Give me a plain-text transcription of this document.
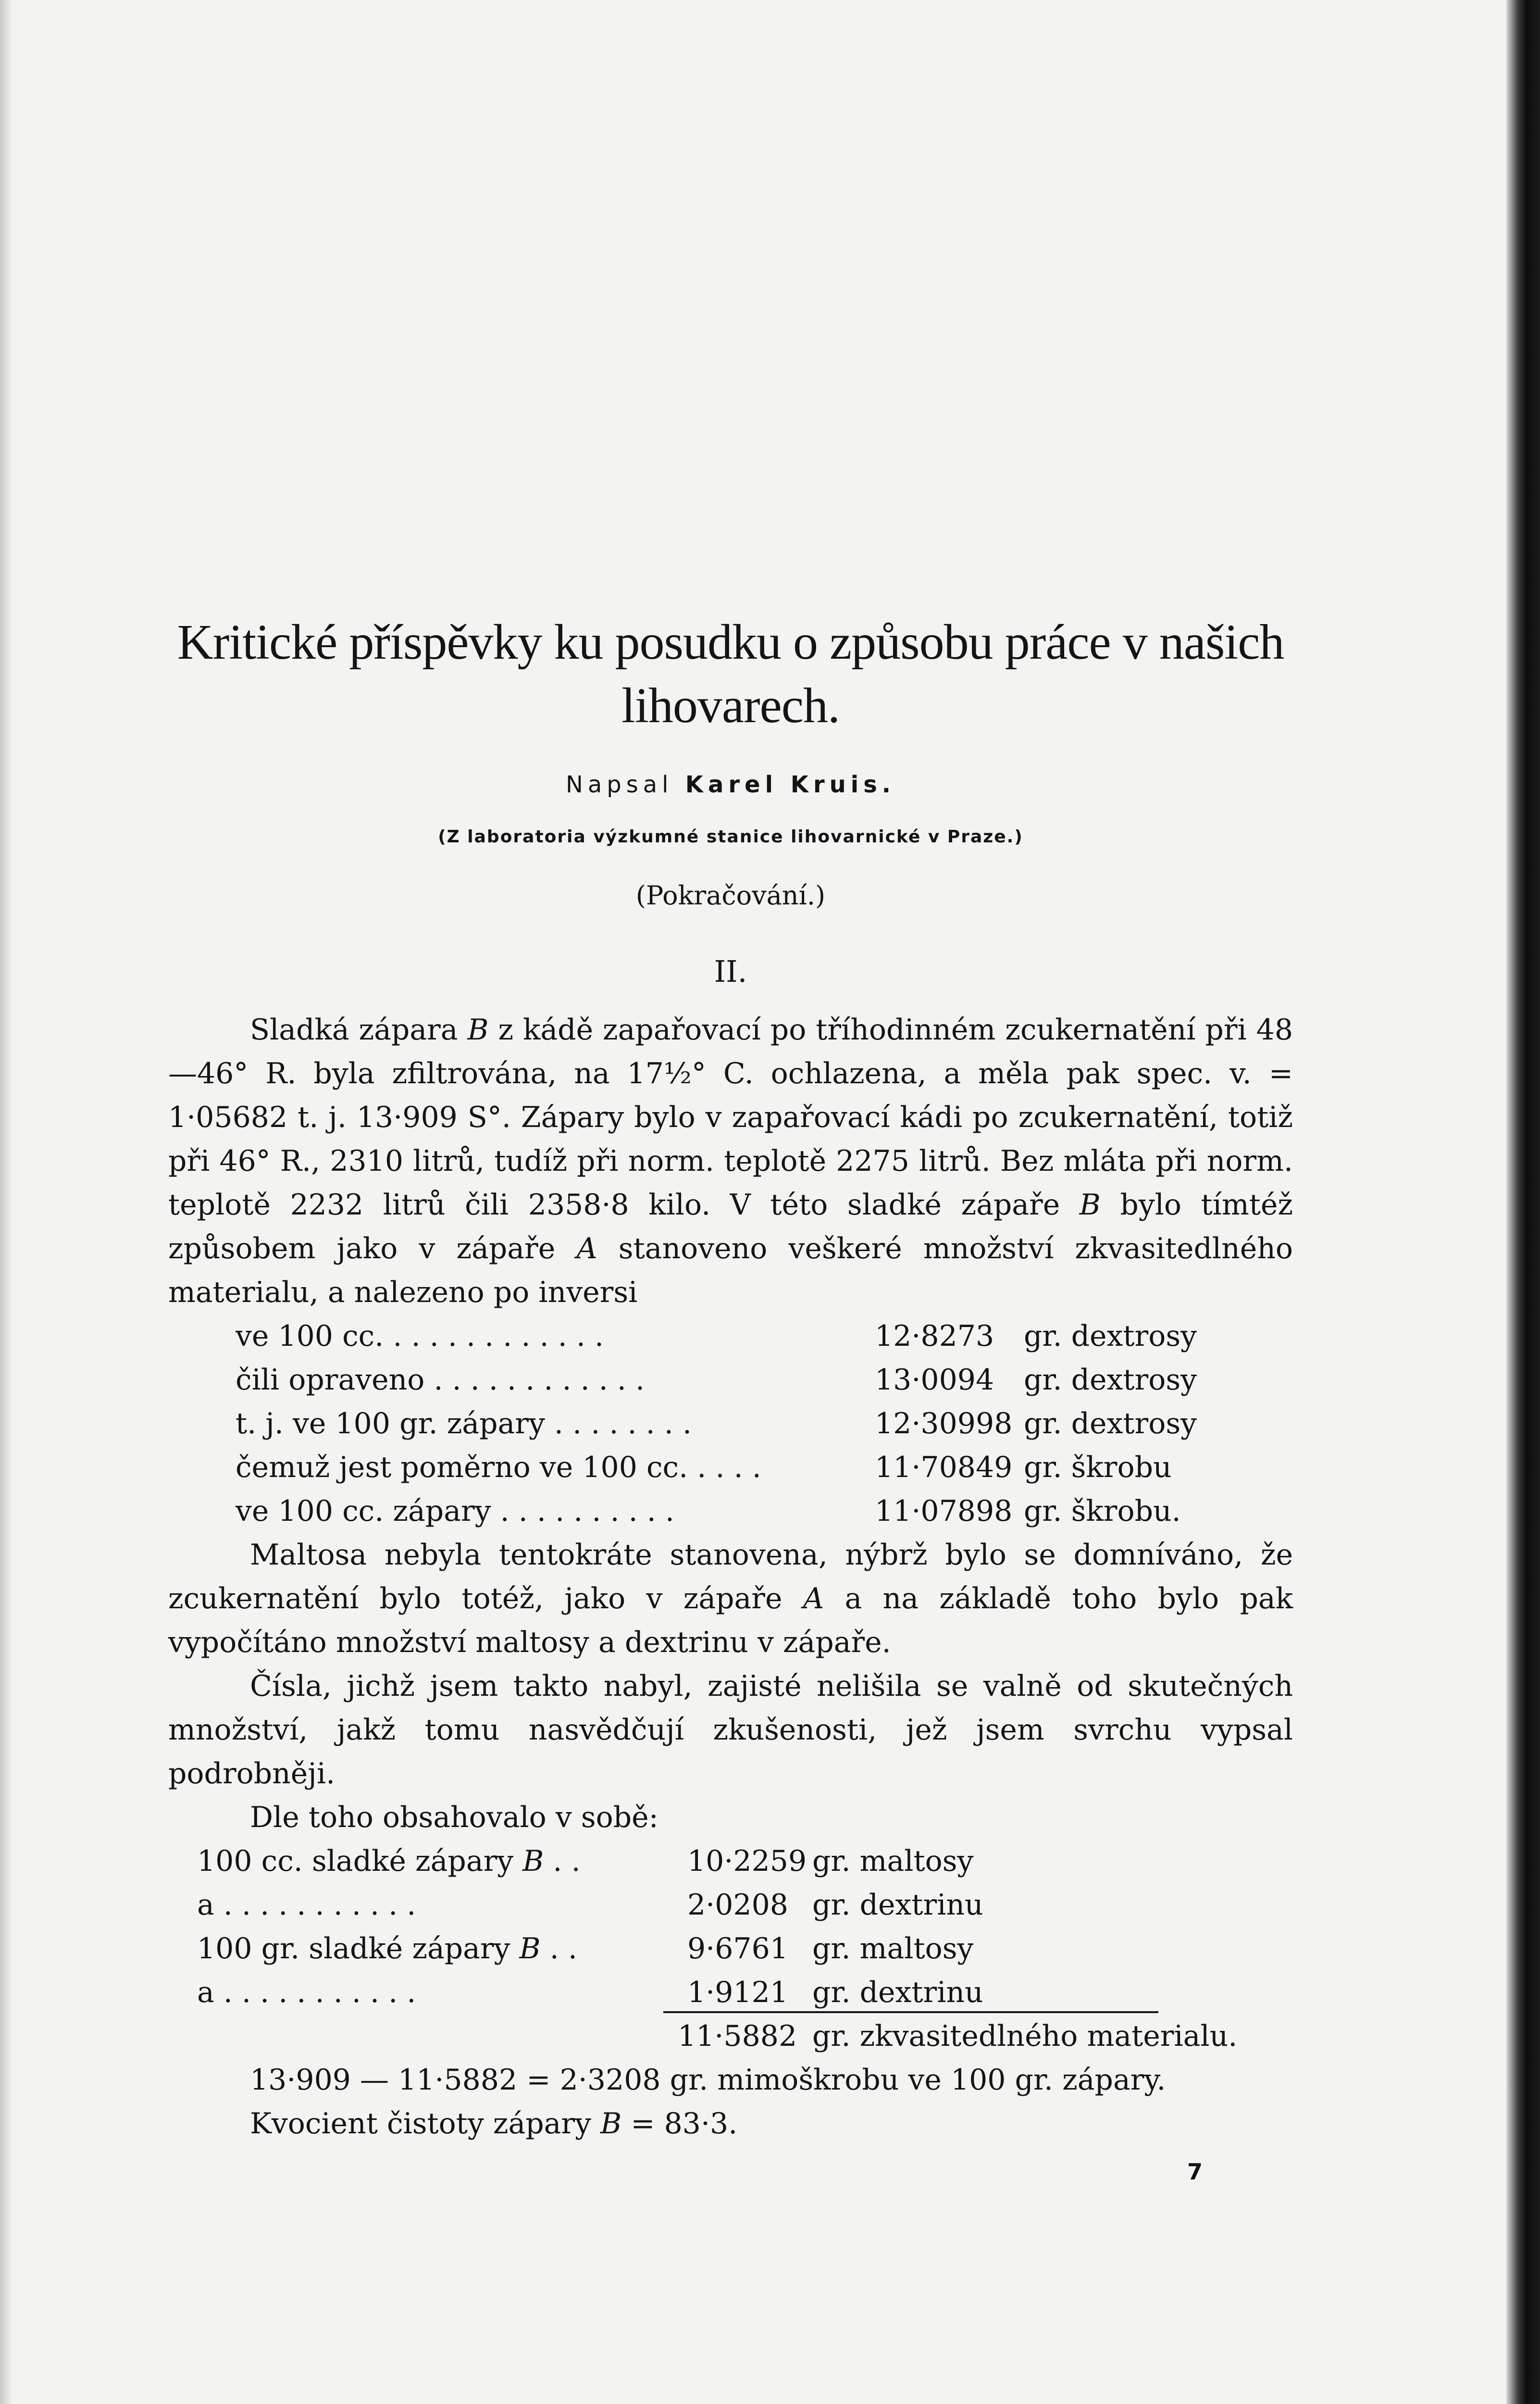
Kritické příspěvky ku posudku o způsobu práce v našich
lihovarech.
Napsal Karel Kruis.
(Z laboratoria výzkumné stanice lihovarnické v Praze.)
(Pokračování.)
II.

Sladká zápara B z kádě zapařovací po tříhodinném zcukernatění při 48—46° R. byla zfiltrována, na 17½° C. ochlazena, a měla pak spec. v. = 1·05682 t. j. 13·909 S°. Zápary bylo v zapařovací kádi po zcukernatění, totiž při 46° R., 2310 litrů, tudíž při norm. teplotě 2275 litrů. Bez mláta při norm. teplotě 2232 litrů čili 2358·8 kilo. V této sladké zápaře B bylo tímtéž způsobem jako v zápaře A stanoveno veškeré množství zkvasitedlného materialu, a nalezeno po inversi

ve 100 cc. . . . . . . . . . . . .	12·8273 gr. dextrosy
čili opraveno . . . . . . . . . . . .	13·0094 gr. dextrosy
t. j. ve 100 gr. zápary . . . . . . . .	12·30998 gr. dextrosy
čemuž jest poměrno ve 100 cc. . . . .	11·70849 gr. škrobu
ve 100 cc. zápary . . . . . . . . . .	11·07898 gr. škrobu.

Maltosa nebyla tentokráte stanovena, nýbrž bylo se domníváno, že zcukernatění bylo totéž, jako v zápaře A a na základě toho bylo pak vypočítáno množství maltosy a dextrinu v zápaře.

Čísla, jichž jsem takto nabyl, zajisté nelišila se valně od skutečných množství, jakž tomu nasvědčují zkušenosti, jež jsem svrchu vypsal podrobněji.

Dle toho obsahovalo v sobě:

100 cc. sladké zápary B . .	10·2259 gr. maltosy
a . . . . . . . . . . .	2·0208 gr. dextrinu
100 gr. sladké zápary B . .	9·6761 gr. maltosy
a . . . . . . . . . . .	1·9121 gr. dextrinu
11·5882 gr. zkvasitedlného materialu.
13·909 — 11·5882 = 2·3208 gr. mimoškrobu ve 100 gr. zápary.
Kvocient čistoty zápary B = 83·3.
7
